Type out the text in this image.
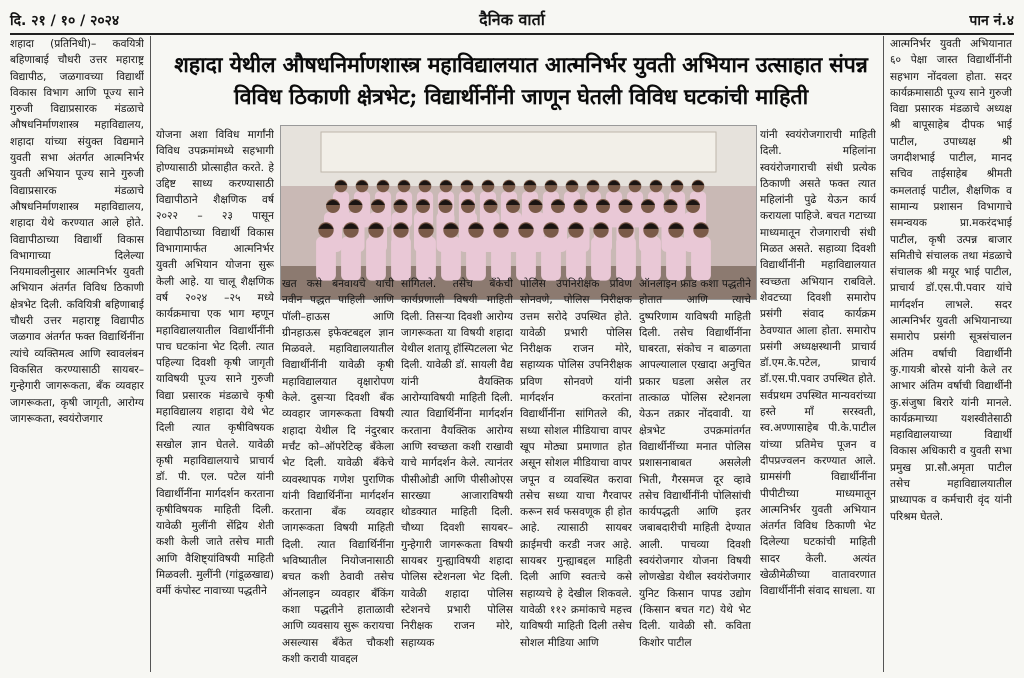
दि. २१ / १० / २०२४	दैनिक वार्ता	पान नं.४

शहादा (प्रतिनिधी)– कवयित्री बहिणाबाई चौधरी उत्तर महाराष्ट्र विद्यापीठ, जळगावच्या विद्यार्थी विकास विभाग आणि पूज्य साने गुरुजी विद्याप्रसारक मंडळाचे औषधनिर्माणशास्त्र महाविद्यालय, शहादा यांच्या संयुक्त विद्यमाने युवती सभा अंतर्गत आत्मनिर्भर युवती अभियान पूज्य साने गुरुजी विद्याप्रसारक मंडळाचे औषधनिर्माणशास्त्र महाविद्यालय, शहादा येथे करण्यात आले होते. विद्यापीठाच्या विद्यार्थी विकास विभागाच्या दिलेल्या नियमावलीनुसार आत्मनिर्भर युवती अभियान अंतर्गत विविध ठिकाणी क्षेत्रभेट दिली. कवियित्री बहिणाबाई चौधरी उत्तर महाराष्ट्र विद्यापीठ जळगाव अंतर्गत फक्त विद्यार्थिनींना त्यांचे व्यक्तिमत्व आणि स्वावलंबन विकसित करण्यासाठी सायबर–गुन्हेगारी जागरूकता, बँक व्यवहार जागरूकता, कृषी जागृती, आरोग्य जागरूकता, स्वयंरोजगार

शहादा येथील औषधनिर्माणशास्त्र महाविद्यालयात आत्मनिर्भर युवती अभियान उत्साहात संपन्न
विविध ठिकाणी क्षेत्रभेट; विद्यार्थीनींनी जाणून घेतली विविध घटकांची माहिती

योजना अशा विविध मार्गांनी विविध उपक्रमांमध्ये सहभागी होण्यासाठी प्रोत्साहीत करते. हे उद्दिष्ट साध्य करण्यासाठी विद्यापीठाने शैक्षणिक वर्ष २०२२ – २३ पासून विद्यापीठाच्या विद्यार्थी विकास विभागामार्फत आत्मनिर्भर युवती अभियान योजना सुरू केली आहे. या चालू शैक्षणिक वर्ष २०२४ –२५ मध्ये कार्यक्रमाचा एक भाग म्हणून महाविद्यालयातील विद्यार्थीनींनी पाच घटकांना भेट दिली. त्यात पहिल्या दिवशी कृषी जागृती याविषयी पूज्य साने गुरुजी विद्या प्रसारक मंडळाचे कृषी महाविद्यालय शहादा येथे भेट दिली त्यात कृषीविषयक सखोल ज्ञान घेतले. यावेळी कृषी महाविद्यालयाचे प्राचार्य डॉ. पी. एल. पटेल यांनी विद्यार्थीनींना मार्गदर्शन करताना कृषीविषयक माहिती दिली. यावेळी मुलींनी सेंद्रिय शेती कशी केली जाते तसेच माती आणि वैशिष्ट्यांविषयी माहिती मिळवली. मुलींनी (गांडूळखाद्य) वर्मी कंपोस्ट नावाच्या पद्धतीने

खत कसे बनवायचे याची नवीन पद्धत पाहिली आणि पॉली–हाऊस आणि ग्रीनहाऊस इफेक्टबद्दल ज्ञान मिळवले. महाविद्यालयातील विद्यार्थीनींनी यावेळी कृषी महाविद्यालयात वृक्षारोपण केले. दुसऱ्या दिवशी बँक व्यवहार जागरूकता विषयी शहादा येथील दि नंदुरबार मर्चंट को–ऑपरेटिव्ह बँकेला भेट दिली. यावेळी बँकेचे व्यवस्थापक गणेश पुराणिक यांनी विद्यार्थिनींना मार्गदर्शन करताना बँक व्यवहार जागरूकता विषयी माहिती दिली. त्यात विद्यार्थिनींना भविष्यातील नियोजनासाठी बचत कशी ठेवावी तसेच ऑनलाइन व्यवहार बँकिंग कशा पद्धतीने हाताळावी आणि व्यवसाय सुरू करायचा असल्यास बँकेत चौकशी कशी करावी यावद्दल

सांगितले. तसेच बँकेची कार्यप्रणाली विषयी माहिती दिली. तिसऱ्या दिवशी आरोग्य जागरूकता या विषयी शहादा येथील शतायू हॉस्पिटलला भेट दिली. यावेळी डॉ. सायली वैद्य यांनी वैयक्तिक आरोग्याविषयी माहिती दिली. त्यात विद्यार्थिनींना मार्गदर्शन करताना वैयक्तिक आरोग्य आणि स्वच्छता कशी राखावी याचे मार्गदर्शन केले. त्यानंतर पीसीओडी आणि पीसीओएस सारख्या आजाराविषयी थोडक्यात माहिती दिली. चौथ्या दिवशी सायबर–गुन्हेगारी जागरूकता विषयी सायबर गुन्ह्याविषयी शहादा पोलिस स्टेशनला भेट दिली. यावेळी शहादा पोलिस स्टेशनचे प्रभारी पोलिस निरीक्षक राजन मोरे, सहाय्यक

पोलिस उपनिरीक्षक प्रविण सोनवणे, पोलिस निरीक्षक उत्तम सरोदे उपस्थित होते. यावेळी प्रभारी पोलिस निरीक्षक राजन मोरे, सहाय्यक पोलिस उपनिरीक्षक प्रविण सोनवणे यांनी मार्गदर्शन करतांना विद्यार्थीनींना सांगितले की, सध्या सोशल मीडियाचा वापर खूप मोठ्या प्रमाणात होत असून सोशल मीडियाचा वापर जपून व व्यवस्थित करावा तसेच सध्या याचा गैरवापर करून सर्व फसवणूक ही होत आहे. त्यासाठी सायबर क्राईमची करडी नजर आहे. सायबर गुन्ह्याबद्दल माहिती दिली आणि स्वतःचे कसे सहाय्यचे हे देखील शिकवले. यावेळी ११२ क्रमांकाचे महत्त्व याविषयी माहिती दिली तसेच सोशल मीडिया आणि

ऑनलाइन फ्राड कशा पद्धतीने होतात आणि त्याचे दुष्परिणाम याविषयी माहिती दिली. तसेच विद्यार्थीनींना घाबरता, संकोच न बाळगता आपल्यालाल एखादा अनुचित प्रकार घडला असेल तर तात्काळ पोलिस स्टेशनला येऊन तक्रार नोंदवावी. या क्षेत्रभेट उपक्रमांतर्गत विद्यार्थीनींच्या मनात पोलिस प्रशासनाबाबत असलेली भिती, गैरसमज दूर व्हावे तसेच विद्यार्थीनींनी पोलिसांची कार्यपद्धती आणि इतर जबाबदारीची माहिती देण्यात आली. पाचव्या दिवशी स्वयंरोजगार योजना विषयी लोणखेडा येथील स्वयंरोजगार युनिट किसान पापड उद्योग (किसान बचत गट) येथे भेट दिली. यावेळी सौ. कविता किशोर पाटील

यांनी स्वयंरोजगाराची माहिती दिली. महिलांना स्वयंरोजगाराची संधी प्रत्येक ठिकाणी असते फक्त त्यात महिलांनी पुढे येऊन कार्य करायला पाहिजे. बचत गटाच्या माध्यमातून रोजगाराची संधी मिळत असते. सहाव्या दिवशी विद्यार्थीनींनी महाविद्यालयात स्वच्छता अभियान राबविले. शेवटच्या दिवशी समारोप प्रसंगी संवाद कार्यक्रम ठेवण्यात आला होता. समारोप प्रसंगी अध्यक्षस्थानी प्राचार्य डॉ.एम.के.पटेल, प्राचार्य डॉ.एस.पी.पवार उपस्थित होते. सर्वप्रथम उपस्थित मान्यवरांच्या हस्ते माँ सरस्वती, स्व.अण्णासाहेब पी.के.पाटील यांच्या प्रतिमेच पूजन व दीपप्रज्वलन करण्यात आले. ग्रामसंगी विद्यार्थीनींना पीपीटीच्या माध्यमातून आत्मनिर्भर युवती अभियान अंतर्गत विविध ठिकाणी भेट दिलेल्या घटकांची माहिती सादर केली. अत्यंत खेळीमेळीच्या वातावरणात विद्यार्थीनींनी संवाद साधला. या

आत्मनिर्भर युवती अभियानात ६० पेक्षा जास्त विद्यार्थीनींनी सहभाग नोंदवला होता. सदर कार्यक्रमासाठी पूज्य साने गुरुजी विद्या प्रसारक मंडळाचे अध्यक्ष श्री बापूसाहेब दीपक भाई पाटील, उपाध्यक्ष श्री जगदीशभाई पाटील, मानद सचिव ताईसाहेब श्रीमती कमलताई पाटील, शैक्षणिक व सामान्य प्रशासन विभागाचे समन्वयक प्रा.मकरंदभाई पाटील, कृषी उत्पन्न बाजार समितीचे संचालक तथा मंडळाचे संचालक श्री मयूर भाई पाटील, प्राचार्य डॉ.एस.पी.पवार यांचे मार्गदर्शन लाभले. सदर आत्मनिर्भर युवती अभियानाच्या समारोप प्रसंगी सूत्रसंचालन अंतिम वर्षाची विद्यार्थीनी कु.गायत्री बोरसे यांनी केले तर आभार अंतिम वर्षाची विद्यार्थीनी कु.संजुषा बिरारे यांनी मानले. कार्यक्रमाच्या यशस्वीतेसाठी महाविद्यालयाच्या विद्यार्थी विकास अधिकारी व युवती सभा प्रमुख प्रा.सौ.अमृता पाटील तसेच महाविद्यालयातील प्राध्यापक व कर्मचारी वृंद यांनी परिश्रम घेतले.
